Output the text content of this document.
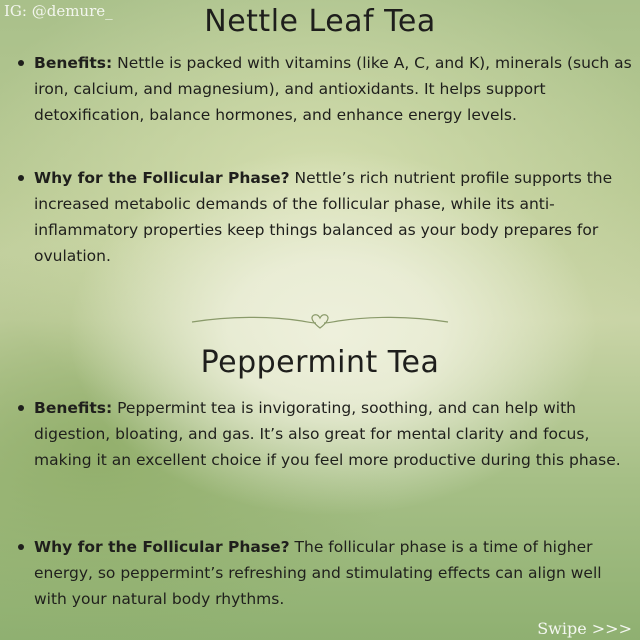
IG: @demure_	Nettle Leaf Tea
Benefits: Nettle is packed with vitamins (like A, C, and K), minerals (such as iron, calcium, and magnesium), and antioxidants. It helps support detoxification, balance hormones, and enhance energy levels.
Why for the Follicular Phase? Nettle’s rich nutrient profile supports the increased metabolic demands of the follicular phase, while its anti-inflammatory properties keep things balanced as your body prepares for ovulation.
Peppermint Tea
Benefits: Peppermint tea is invigorating, soothing, and can help with digestion, bloating, and gas. It’s also great for mental clarity and focus, making it an excellent choice if you feel more productive during this phase.
Why for the Follicular Phase? The follicular phase is a time of higher energy, so peppermint’s refreshing and stimulating effects can align well with your natural body rhythms.
Swipe >>>
